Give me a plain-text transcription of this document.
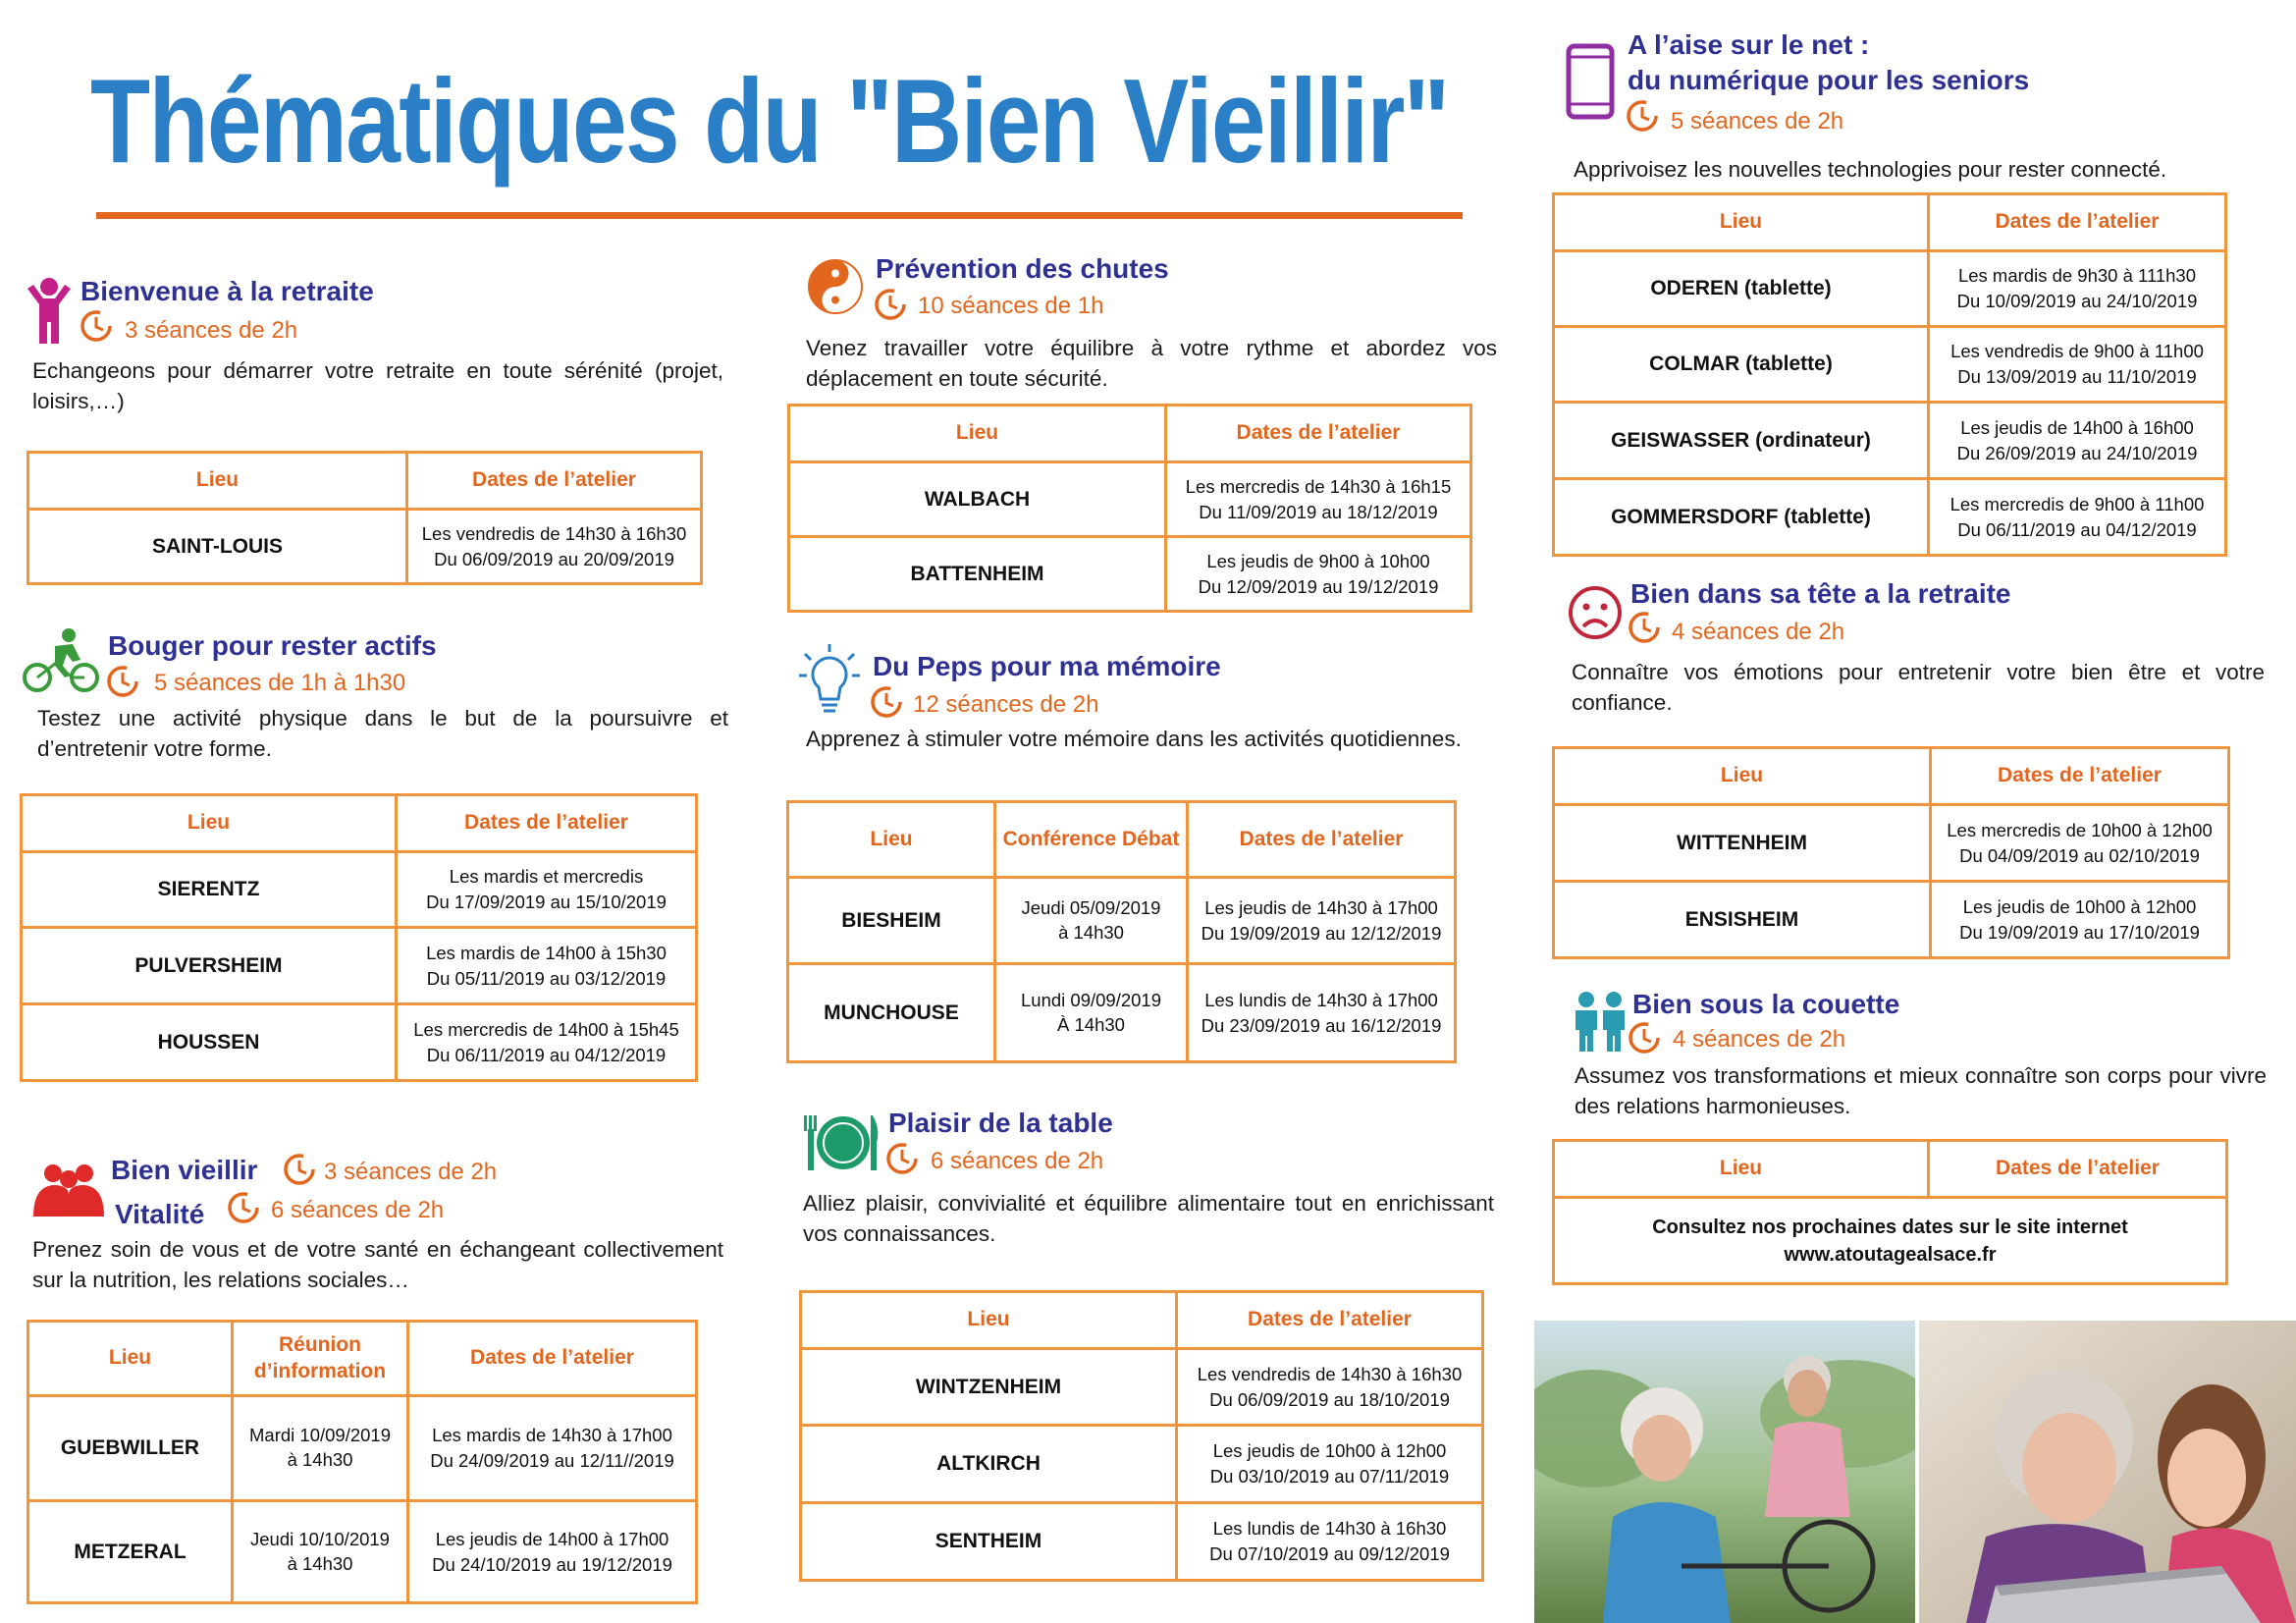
Thématiques du "Bien Vieillir"
Bienvenue à la retraite
3 séances de 2h
Echangeons pour démarrer votre retraite en toute sérénité (projet, loisirs,…)
Lieu	Dates de l’atelier
SAINT-LOUIS	Les vendredis de 14h30 à 16h30
Du 06/09/2019 au 20/09/2019
Bouger pour rester actifs
5 séances de 1h à 1h30
Testez une activité physique dans le but de la poursuivre et d’entretenir votre forme.
Lieu	Dates de l’atelier
SIERENTZ	Les mardis et mercredis
Du 17/09/2019 au 15/10/2019

PULVERSHEIM	Les mardis de 14h00 à 15h30
Du 05/11/2019 au 03/12/2019

HOUSSEN	Les mercredis de 14h00 à 15h45
Du 06/11/2019 au 04/12/2019
Bien vieillir	3 séances de 2h
Vitalité	6 séances de 2h
Prenez soin de vous et de votre santé en échangeant collectivement sur la nutrition, les relations sociales…
Lieu	Réunion d’information	Dates de l’atelier
GUEBWILLER	Mardi 10/09/2019
à 14h30	Les mardis de 14h30 à 17h00
Du 24/09/2019 au 12/11//2019

METZERAL	Jeudi 10/10/2019
à 14h30	Les jeudis de 14h00 à 17h00
Du 24/10/2019 au 19/12/2019
Prévention des chutes
10 séances de 1h
Venez travailler votre équilibre à votre rythme et abordez vos déplacement en toute sécurité.
Lieu	Dates de l’atelier
WALBACH	Les mercredis de 14h30 à 16h15
Du 11/09/2019 au 18/12/2019

BATTENHEIM	Les jeudis de 9h00 à 10h00
Du 12/09/2019 au 19/12/2019
Du Peps pour ma mémoire
12 séances de 2h
Apprenez à stimuler votre mémoire dans les activités quotidiennes.
Lieu	Conférence Débat	Dates de l’atelier
BIESHEIM	Jeudi 05/09/2019
à 14h30	Les jeudis de 14h30 à 17h00
Du 19/09/2019 au 12/12/2019

MUNCHOUSE	Lundi 09/09/2019
À 14h30	Les lundis de 14h30 à 17h00
Du 23/09/2019 au 16/12/2019
Plaisir de la table
6 séances de 2h
Alliez plaisir, convivialité et équilibre alimentaire tout en enrichissant vos connaissances.
Lieu	Dates de l’atelier
WINTZENHEIM	Les vendredis de 14h30 à 16h30
Du 06/09/2019 au 18/10/2019

ALTKIRCH	Les jeudis de 10h00 à 12h00
Du 03/10/2019 au 07/11/2019

SENTHEIM	Les lundis de 14h30 à 16h30
Du 07/10/2019 au 09/12/2019
A l’aise sur le net :
du numérique pour les seniors
5 séances de 2h
Apprivoisez les nouvelles technologies pour rester connecté.
Lieu	Dates de l’atelier
ODEREN (tablette)	Les mardis de 9h30 à 111h30
Du 10/09/2019 au 24/10/2019

COLMAR (tablette)	Les vendredis de 9h00 à 11h00
Du 13/09/2019 au 11/10/2019

GEISWASSER (ordinateur)	Les jeudis de 14h00 à 16h00
Du 26/09/2019 au 24/10/2019

GOMMERSDORF (tablette)	Les mercredis de 9h00 à 11h00
Du 06/11/2019 au 04/12/2019
Bien dans sa tête a la retraite
4 séances de 2h
Connaître vos émotions pour entretenir votre bien être et votre confiance.
Lieu	Dates de l’atelier
WITTENHEIM	Les mercredis de 10h00 à 12h00
Du 04/09/2019 au 02/10/2019

ENSISHEIM	Les jeudis de 10h00 à 12h00
Du 19/09/2019 au 17/10/2019
Bien sous la couette
4 séances de 2h
Assumez vos transformations et mieux connaître son corps pour vivre des relations harmonieuses.
Lieu	Dates de l’atelier

Consultez nos prochaines dates sur le site internet
www.atoutagealsace.fr
